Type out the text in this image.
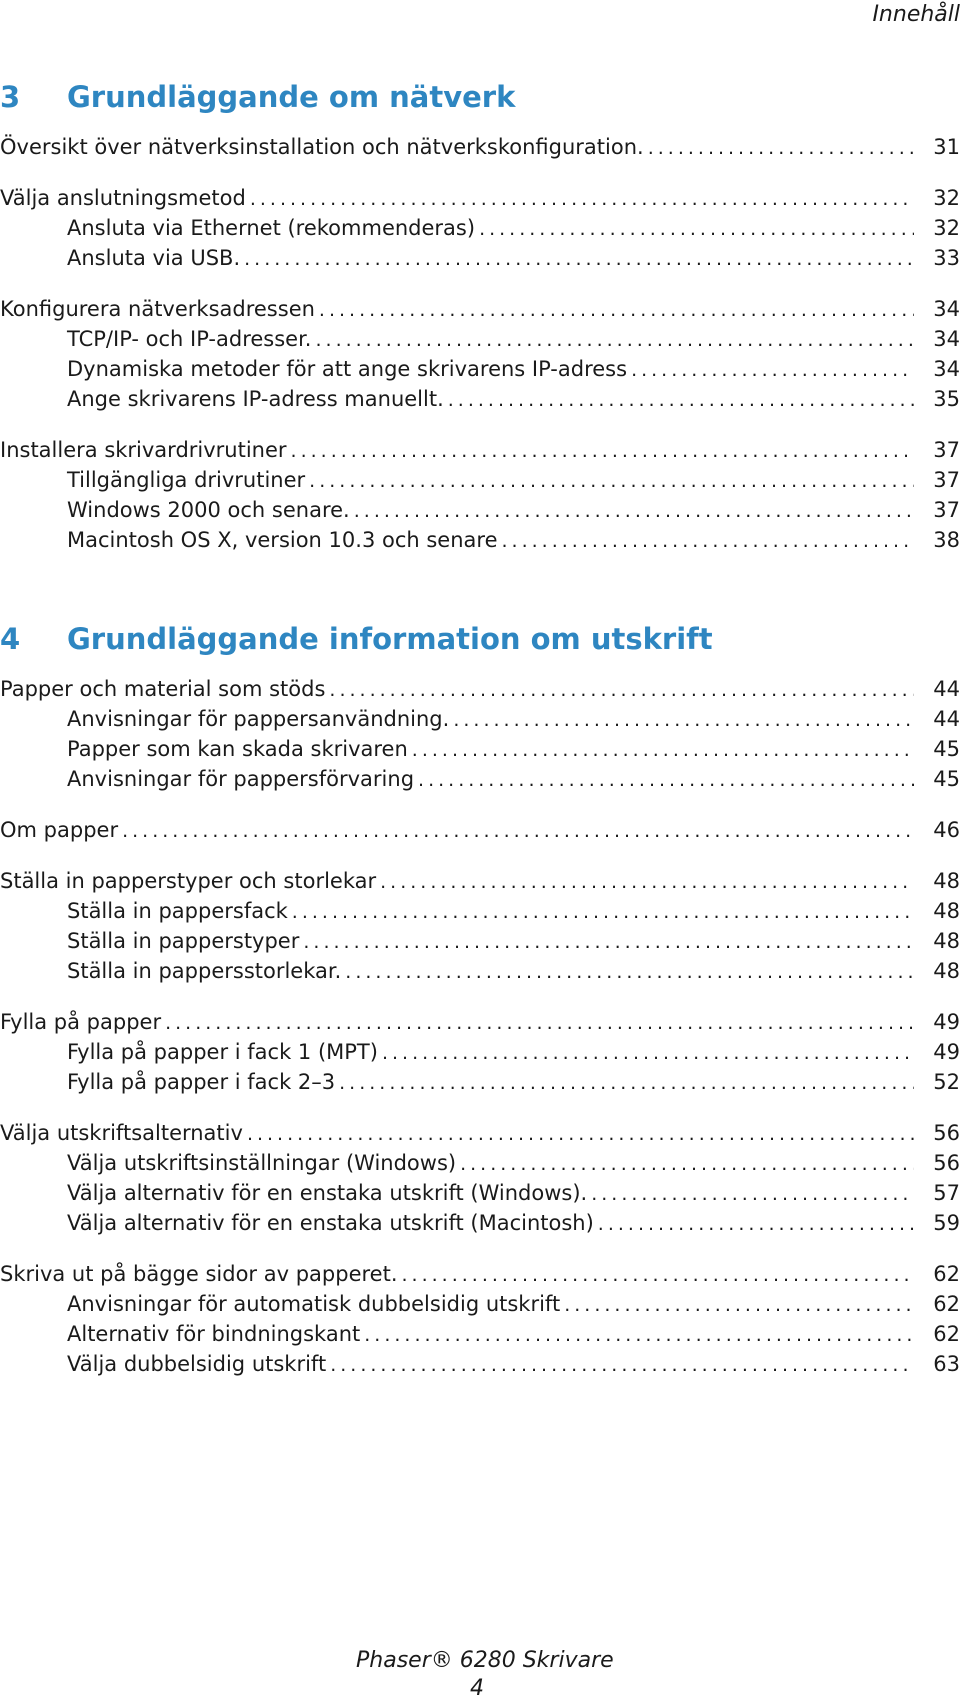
Innehåll
3 Grundläggande om nätverk
Översikt över nätverksinstallation och nätverkskonfiguration. .....	31
Välja anslutningsmetod .....	32
Ansluta via Ethernet (rekommenderas) .....	32
Ansluta via USB. .....	33
Konfigurera nätverksadressen .....	34
TCP/IP- och IP-adresser. .....	34
Dynamiska metoder för att ange skrivarens IP-adress .....	34
Ange skrivarens IP-adress manuellt. .....	35
Installera skrivardrivrutiner .....	37
Tillgängliga drivrutiner .....	37
Windows 2000 och senare. .....	37
Macintosh OS X, version 10.3 och senare .....	38
4 Grundläggande information om utskrift
Papper och material som stöds .....	44
Anvisningar för pappersanvändning. .....	44
Papper som kan skada skrivaren .....	45
Anvisningar för pappersförvaring .....	45
Om papper .....	46
Ställa in papperstyper och storlekar .....	48
Ställa in pappersfack .....	48
Ställa in papperstyper .....	48
Ställa in pappersstorlekar. .....	48
Fylla på papper .....	49
Fylla på papper i fack 1 (MPT) .....	49
Fylla på papper i fack 2–3 .....	52
Välja utskriftsalternativ .....	56
Välja utskriftsinställningar (Windows) .....	56
Välja alternativ för en enstaka utskrift (Windows). .....	57
Välja alternativ för en enstaka utskrift (Macintosh) .....	59
Skriva ut på bägge sidor av papperet. .....	62
Anvisningar för automatisk dubbelsidig utskrift .....	62
Alternativ för bindningskant .....	62
Välja dubbelsidig utskrift .....	63
Phaser® 6280 Skrivare
4
